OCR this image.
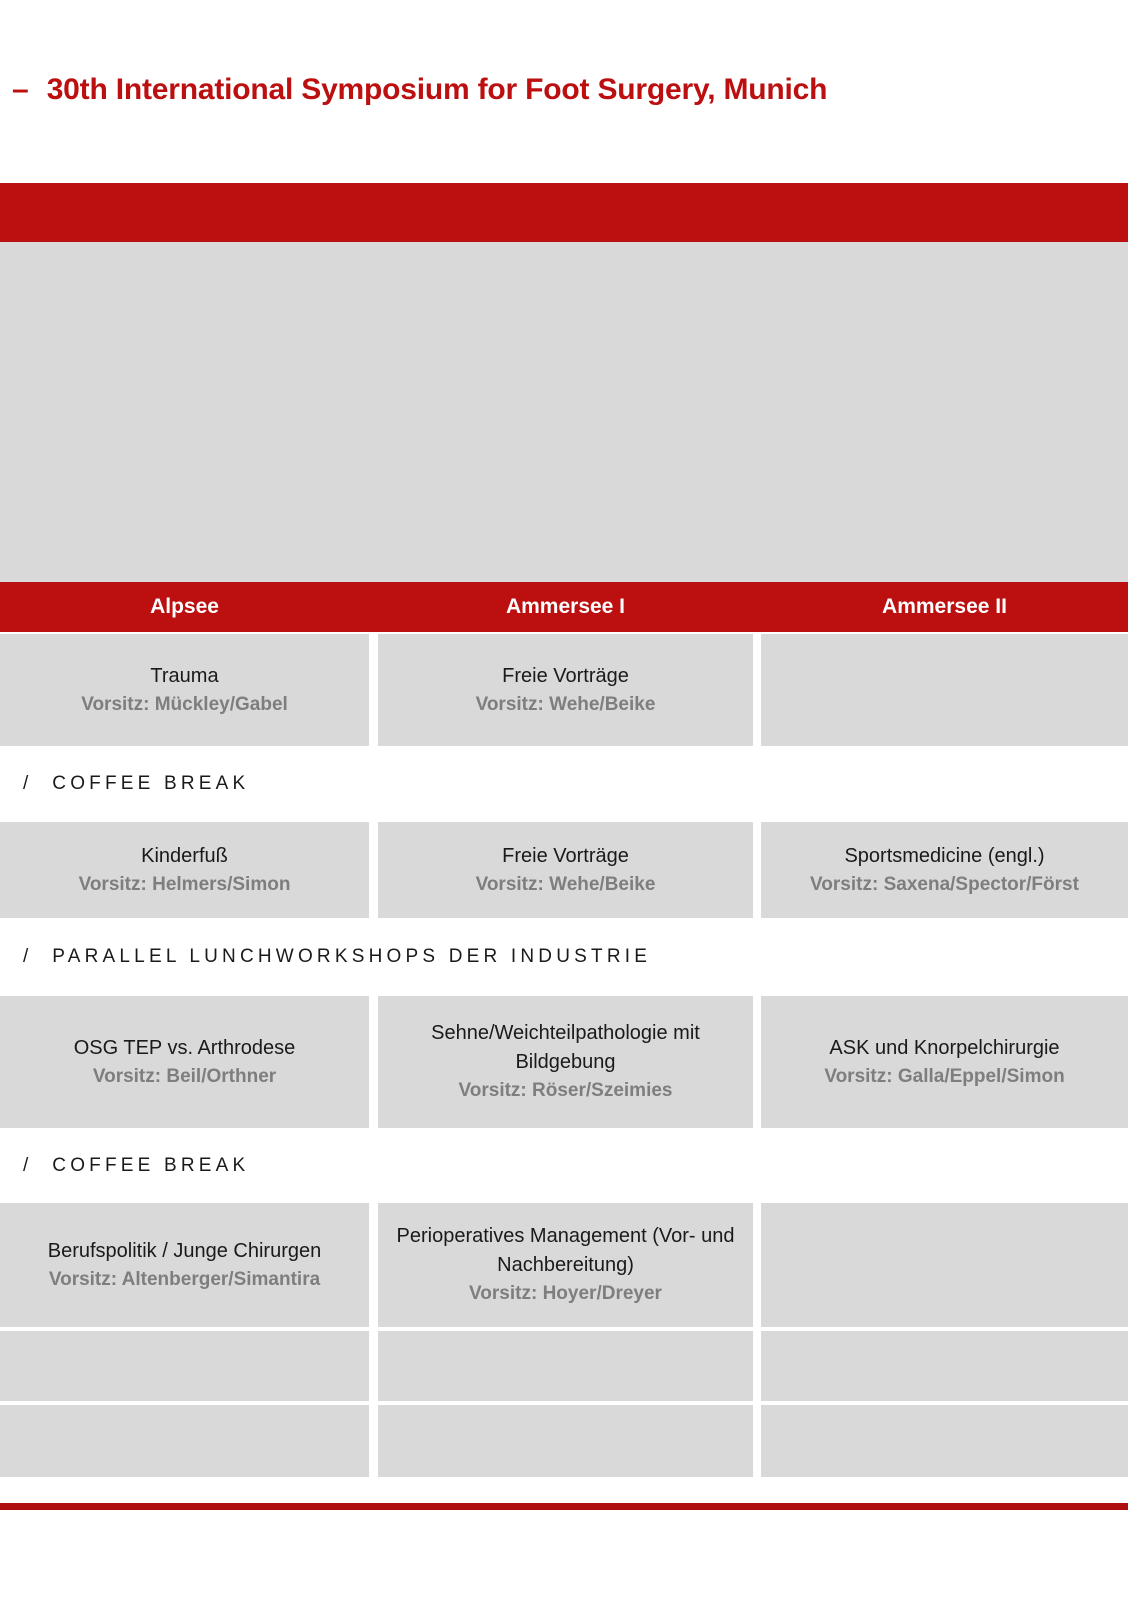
– 30th International Symposium for Foot Surgery, Munich
Alpsee	Ammersee I	Ammersee II
Trauma
Vorsitz: Mückley/Gabel
Freie Vorträge
Vorsitz: Wehe/Beike
/ COFFEE BREAK
Kinderfuß
Vorsitz: Helmers/Simon
Freie Vorträge
Vorsitz: Wehe/Beike
Sportsmedicine (engl.)
Vorsitz: Saxena/Spector/Först
/ PARALLEL LUNCHWORKSHOPS DER INDUSTRIE
OSG TEP vs. Arthrodese
Vorsitz: Beil/Orthner
Sehne/Weichteilpathologie mit Bildgebung
Vorsitz: Röser/Szeimies
ASK und Knorpelchirurgie
Vorsitz: Galla/Eppel/Simon
/ COFFEE BREAK
Berufspolitik / Junge Chirurgen
Vorsitz: Altenberger/Simantira
Perioperatives Management (Vor- und Nachbereitung)
Vorsitz: Hoyer/Dreyer
